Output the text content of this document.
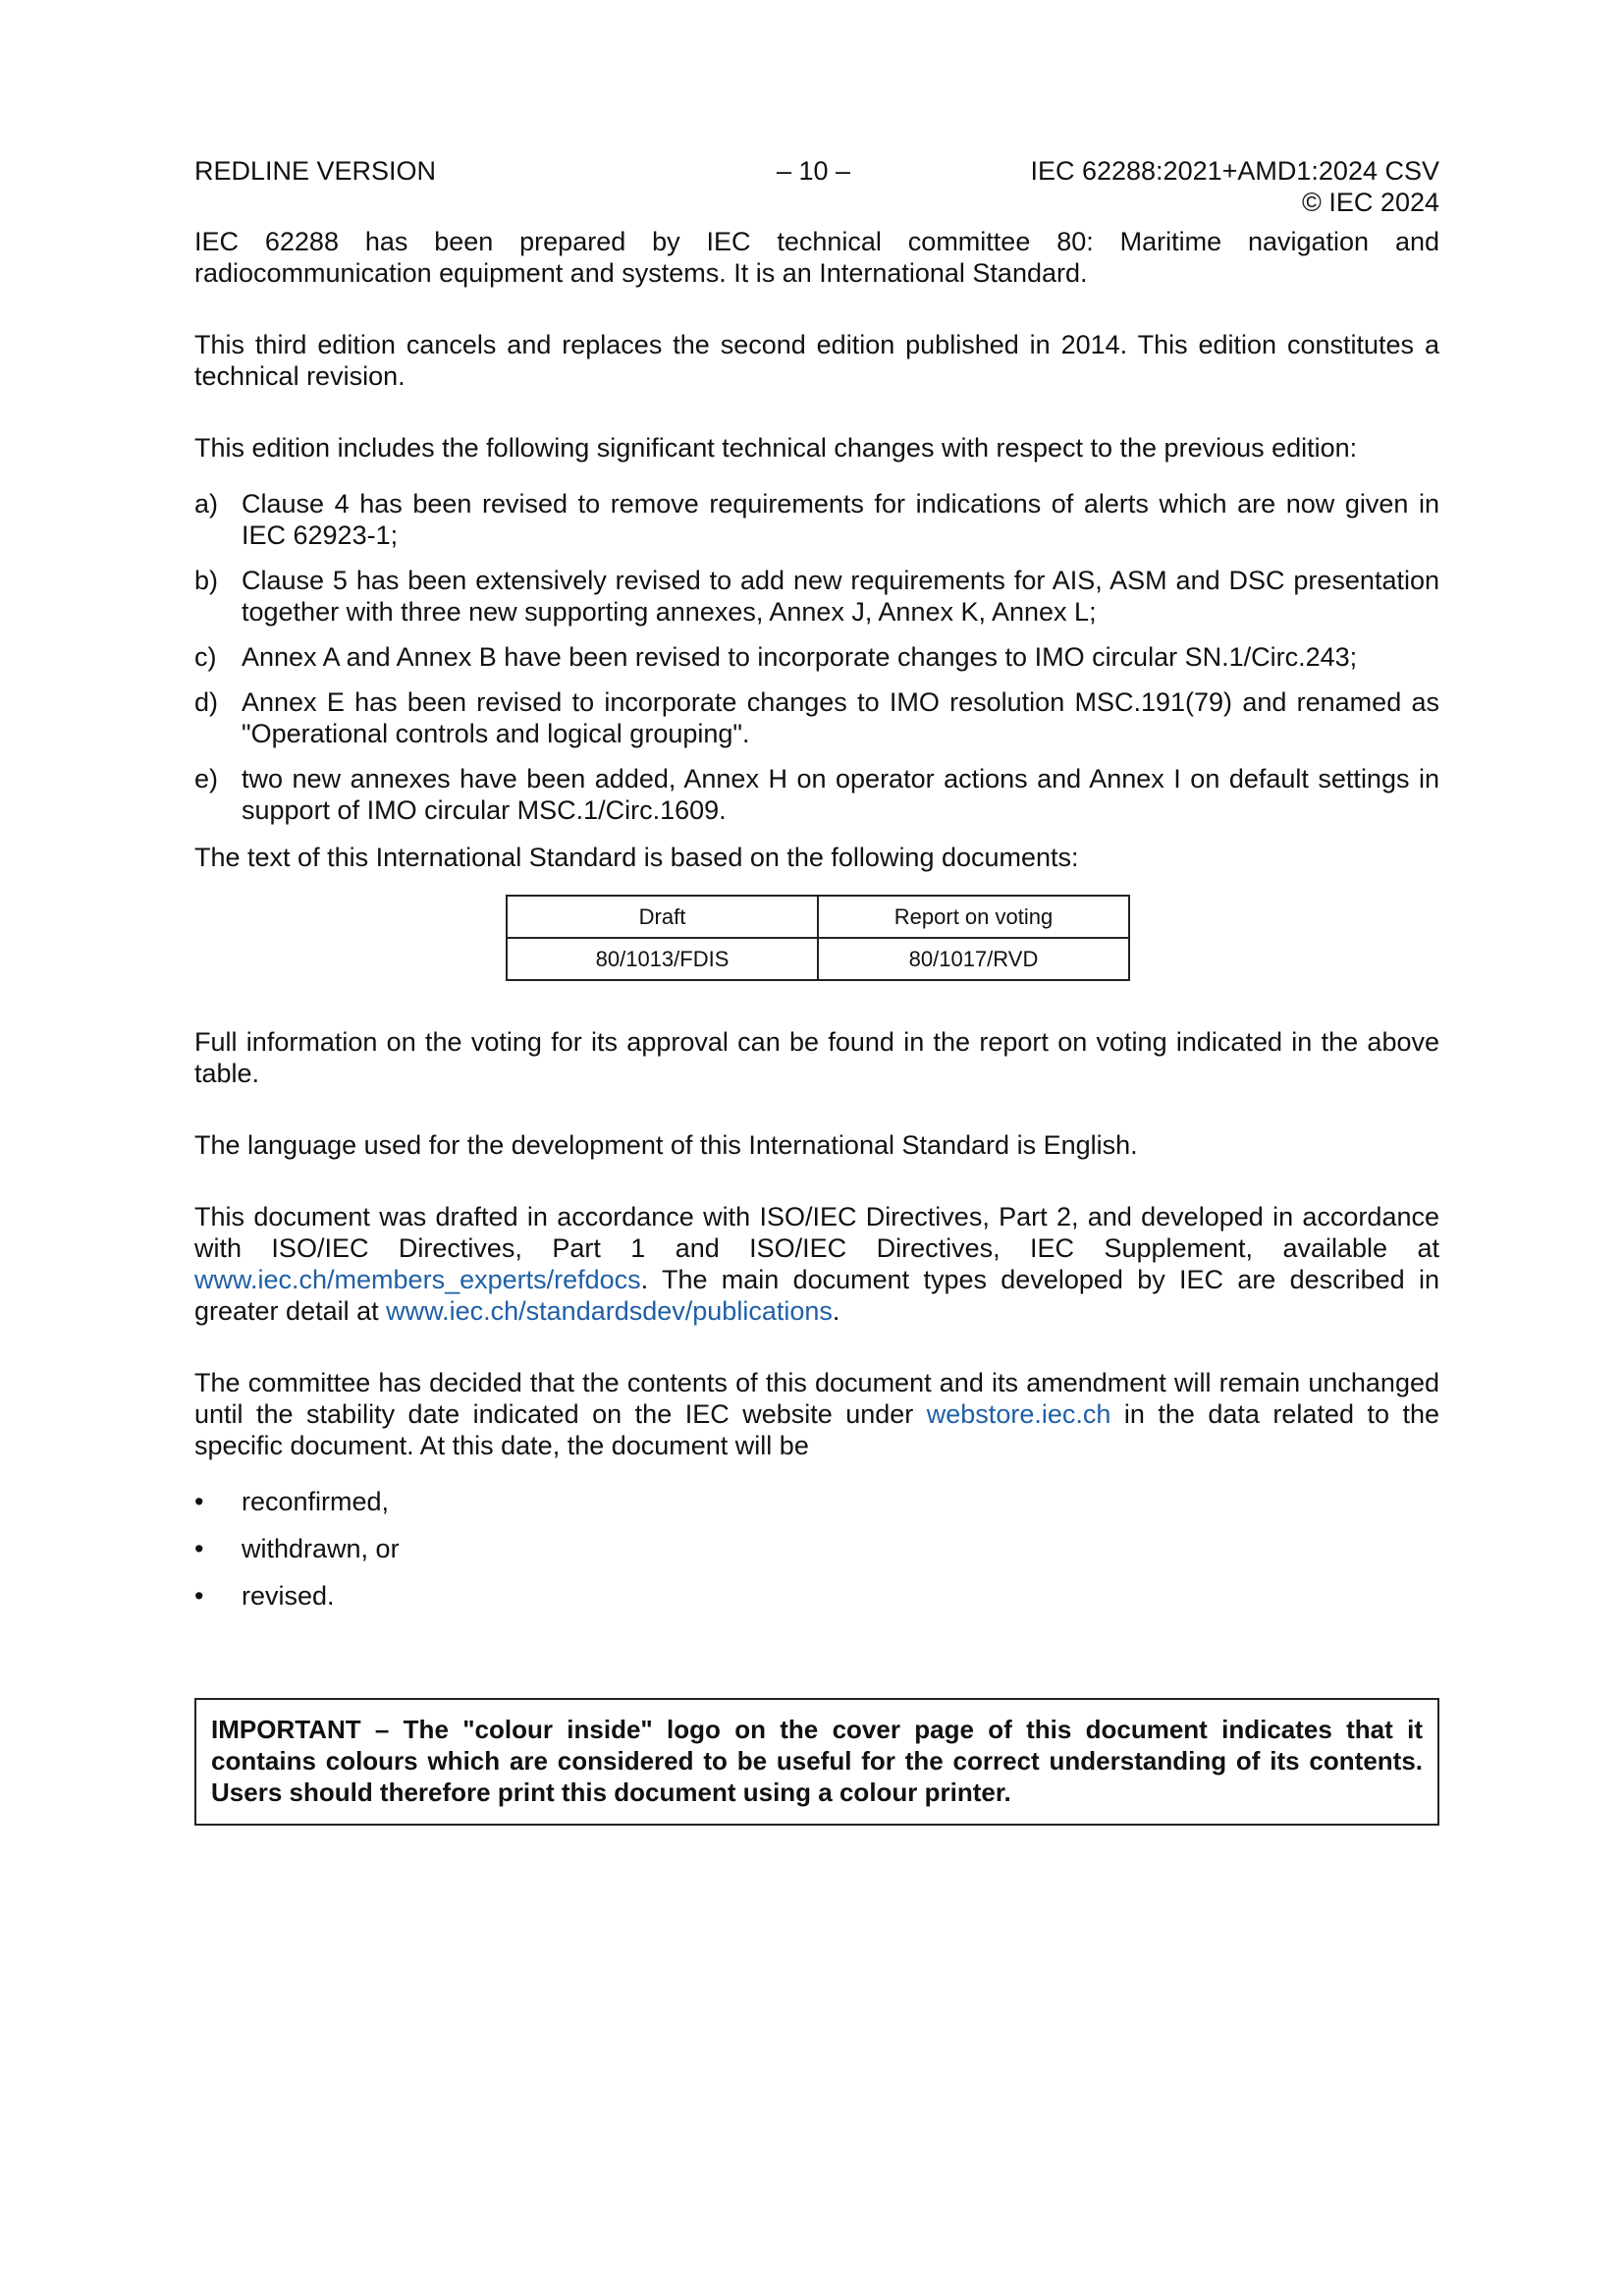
REDLINE VERSION	– 10 –	IEC 62288:2021+AMD1:2024 CSV
© IEC 2024

IEC 62288 has been prepared by IEC technical committee 80: Maritime navigation and radiocommunication equipment and systems. It is an International Standard.

This third edition cancels and replaces the second edition published in 2014. This edition constitutes a technical revision.

This edition includes the following significant technical changes with respect to the previous edition:

a) Clause 4 has been revised to remove requirements for indications of alerts which are now given in IEC 62923-1;
b) Clause 5 has been extensively revised to add new requirements for AIS, ASM and DSC presentation together with three new supporting annexes, Annex J, Annex K, Annex L;
c) Annex A and Annex B have been revised to incorporate changes to IMO circular SN.1/Circ.243;
d) Annex E has been revised to incorporate changes to IMO resolution MSC.191(79) and renamed as "Operational controls and logical grouping".
e) two new annexes have been added, Annex H on operator actions and Annex I on default settings in support of IMO circular MSC.1/Circ.1609.

The text of this International Standard is based on the following documents:

Draft	Report on voting
80/1013/FDIS	80/1017/RVD

Full information on the voting for its approval can be found in the report on voting indicated in the above table.

The language used for the development of this International Standard is English.

This document was drafted in accordance with ISO/IEC Directives, Part 2, and developed in accordance with ISO/IEC Directives, Part 1 and ISO/IEC Directives, IEC Supplement, available at www.iec.ch/members_experts/refdocs. The main document types developed by IEC are described in greater detail at www.iec.ch/standardsdev/publications.

The committee has decided that the contents of this document and its amendment will remain unchanged until the stability date indicated on the IEC website under webstore.iec.ch in the data related to the specific document. At this date, the document will be

• reconfirmed,
• withdrawn, or
• revised.
IMPORTANT – The "colour inside" logo on the cover page of this document indicates that it contains colours which are considered to be useful for the correct understanding of its contents. Users should therefore print this document using a colour printer.
